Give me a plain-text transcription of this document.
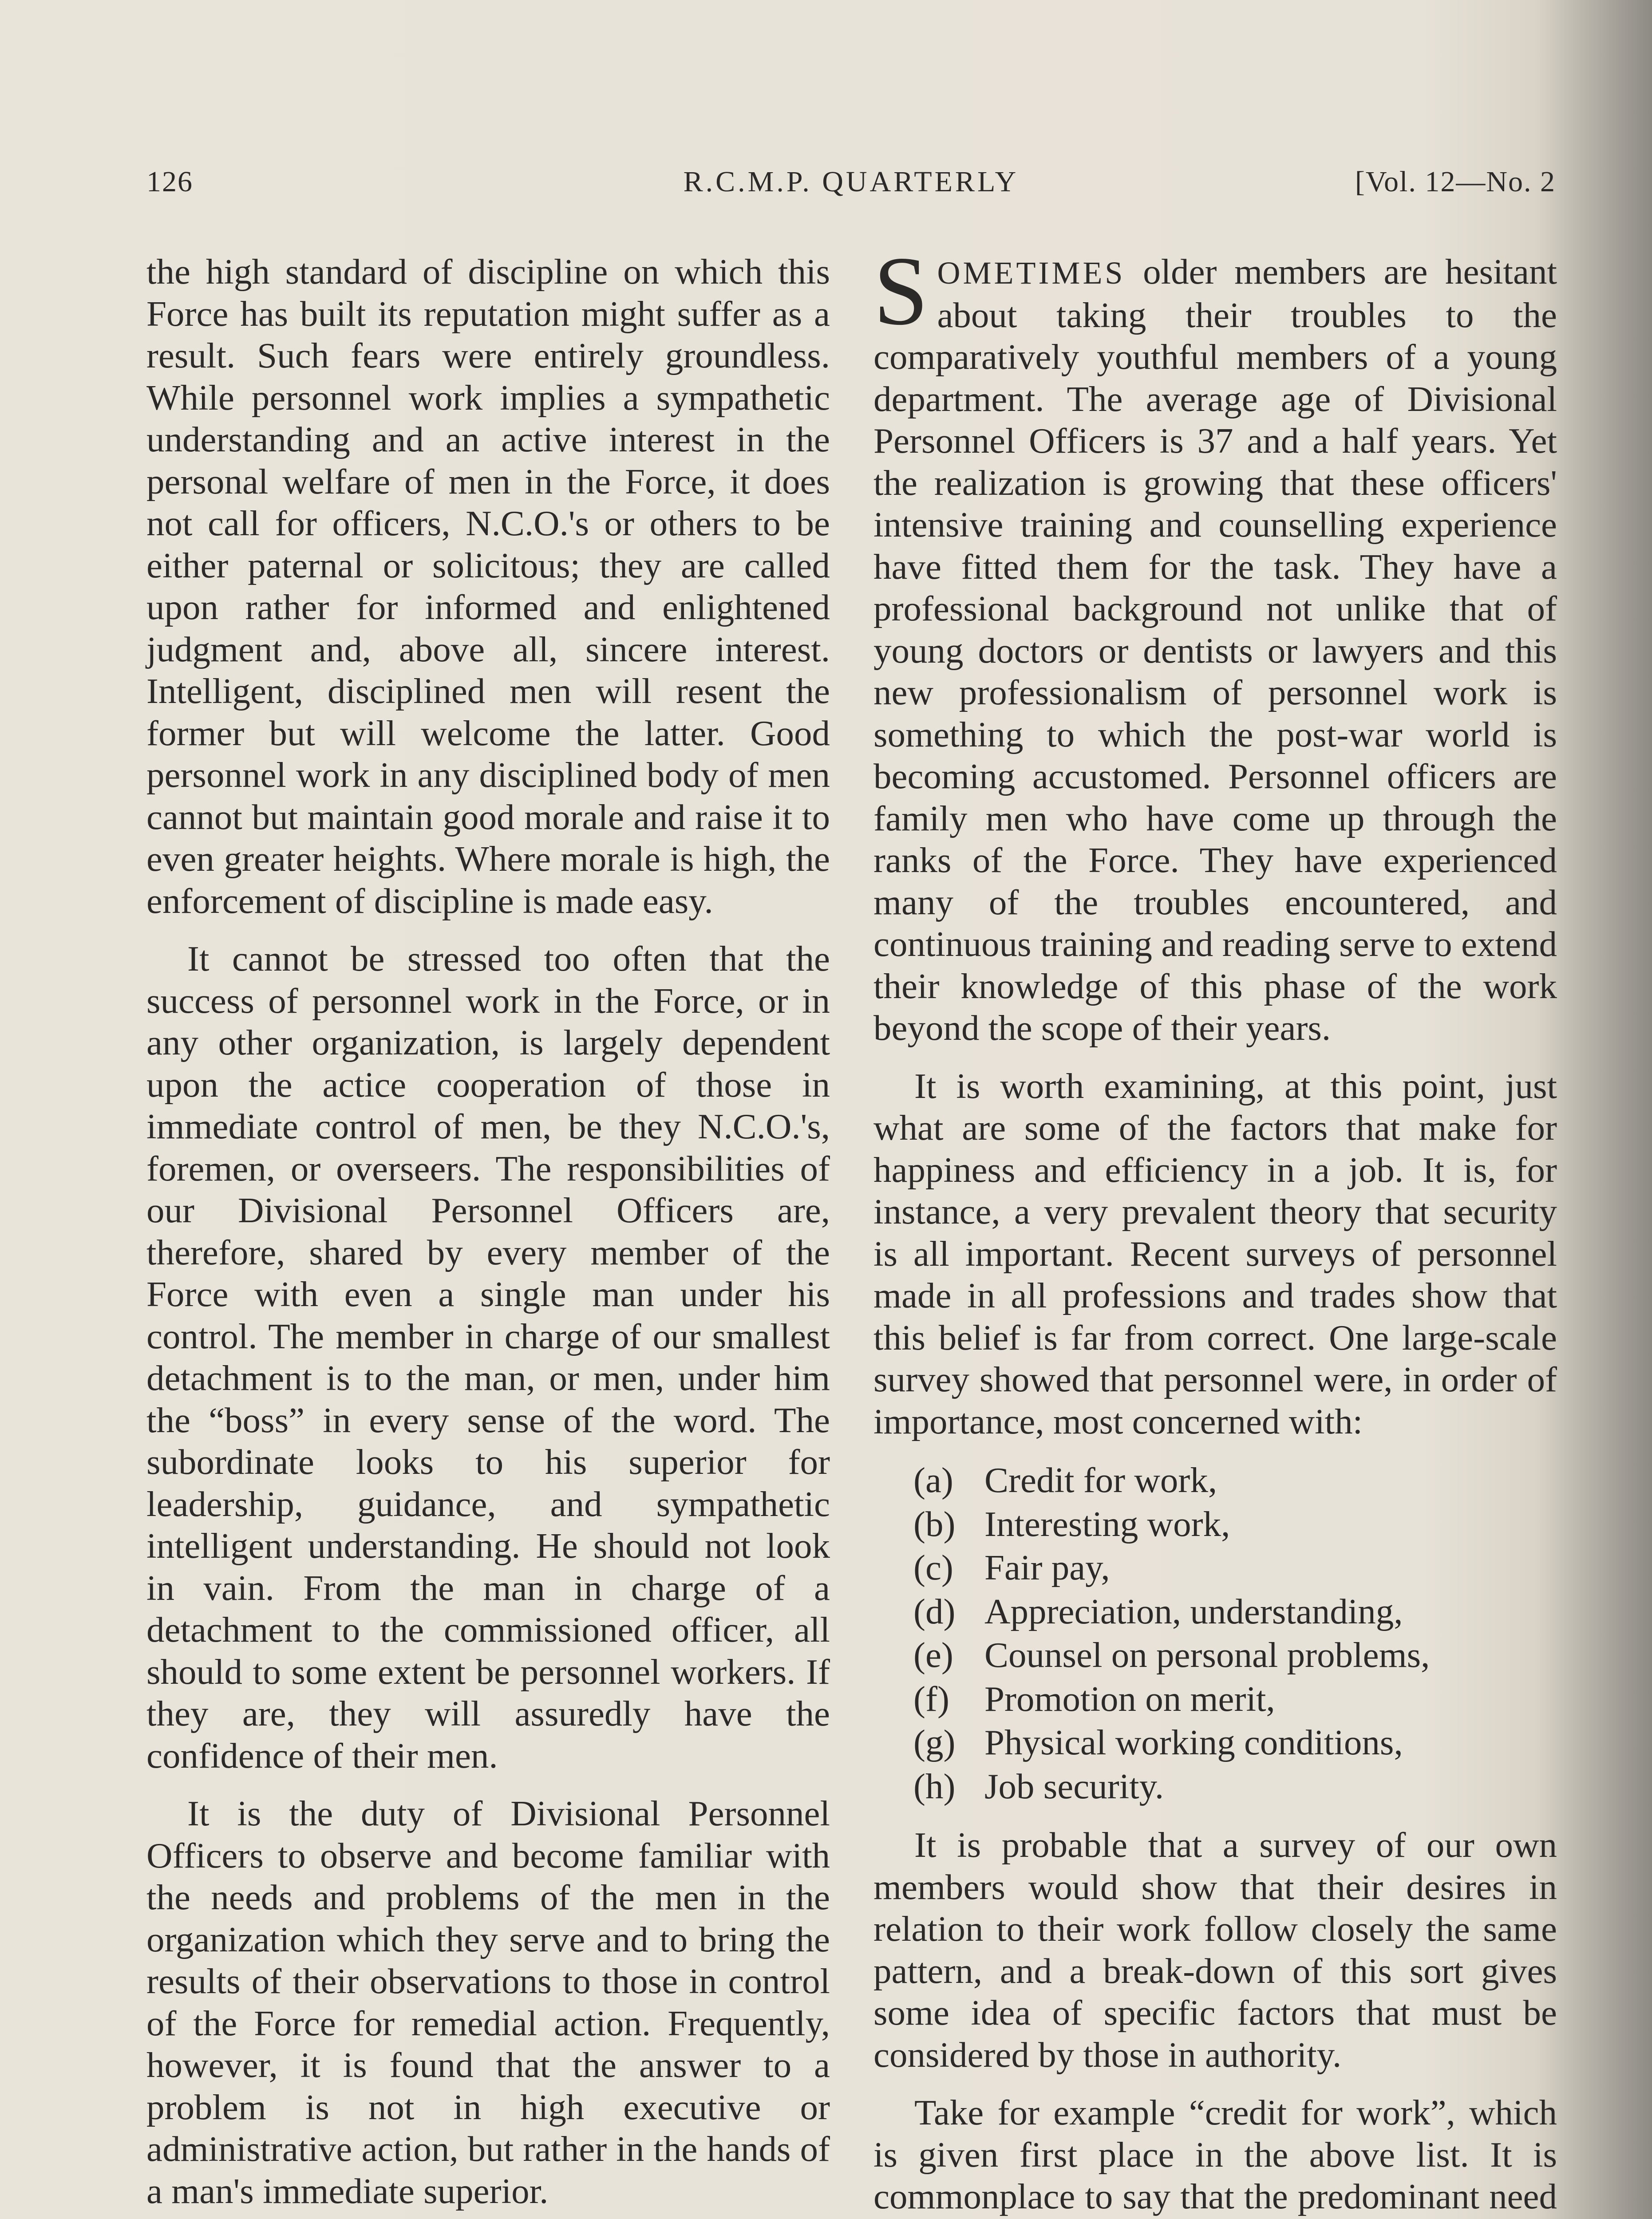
126	R.C.M.P. QUARTERLY	[Vol. 12—No. 2

the high standard of discipline on which this Force has built its reputation might suffer as a result. Such fears were entirely groundless. While personnel work implies a sympathetic understanding and an active interest in the personal welfare of men in the Force, it does not call for officers, N.C.O.'s or others to be either paternal or solicitous; they are called upon rather for informed and enlightened judgment and, above all, sincere interest. Intelligent, disciplined men will resent the former but will welcome the latter. Good personnel work in any disciplined body of men cannot but maintain good morale and raise it to even greater heights. Where morale is high, the enforcement of discipline is made easy.

It cannot be stressed too often that the success of personnel work in the Force, or in any other organization, is largely dependent upon the actice cooperation of those in immediate control of men, be they N.C.O.'s, foremen, or overseers. The responsibilities of our Divisional Personnel Officers are, therefore, shared by every member of the Force with even a single man under his control. The member in charge of our smallest detachment is to the man, or men, under him the “boss” in every sense of the word. The subordinate looks to his superior for leadership, guidance, and sympathetic intelligent understanding. He should not look in vain. From the man in charge of a detachment to the commissioned officer, all should to some extent be personnel workers. If they are, they will assuredly have the confidence of their men.

It is the duty of Divisional Personnel Officers to observe and become familiar with the needs and problems of the men in the organization which they serve and to bring the results of their observations to those in control of the Force for remedial action. Frequently, however, it is found that the answer to a problem is not in high executive or administrative action, but rather in the hands of a man's immediate superior.

SOMETIMES older members are hesitant about taking their troubles to the comparatively youthful members of a young department. The average age of Divisional Personnel Officers is 37 and a half years. Yet the realization is growing that these officers' intensive training and counselling experience have fitted them for the task. They have a professional background not unlike that of young doctors or dentists or lawyers and this new professionalism of personnel work is something to which the post-war world is becoming accustomed. Personnel officers are family men who have come up through the ranks of the Force. They have experienced many of the troubles encountered, and continuous training and reading serve to extend their knowledge of this phase of the work beyond the scope of their years.

It is worth examining, at this point, just what are some of the factors that make for happiness and efficiency in a job. It is, for instance, a very prevalent theory that security is all important. Recent surveys of personnel made in all professions and trades show that this belief is far from correct. One large-scale survey showed that personnel were, in order of importance, most concerned with:

(a) Credit for work,
(b) Interesting work,
(c) Fair pay,
(d) Appreciation, understanding,
(e) Counsel on personal problems,
(f) Promotion on merit,
(g) Physical working conditions,
(h) Job security.

It is probable that a survey of our own members would show that their desires in relation to their work follow closely the same pattern, and a break-down of this sort gives some idea of specific factors that must be considered by those in authority.

Take for example “credit for work”, which is given first place in the above list. It is commonplace to say that the predominant need
